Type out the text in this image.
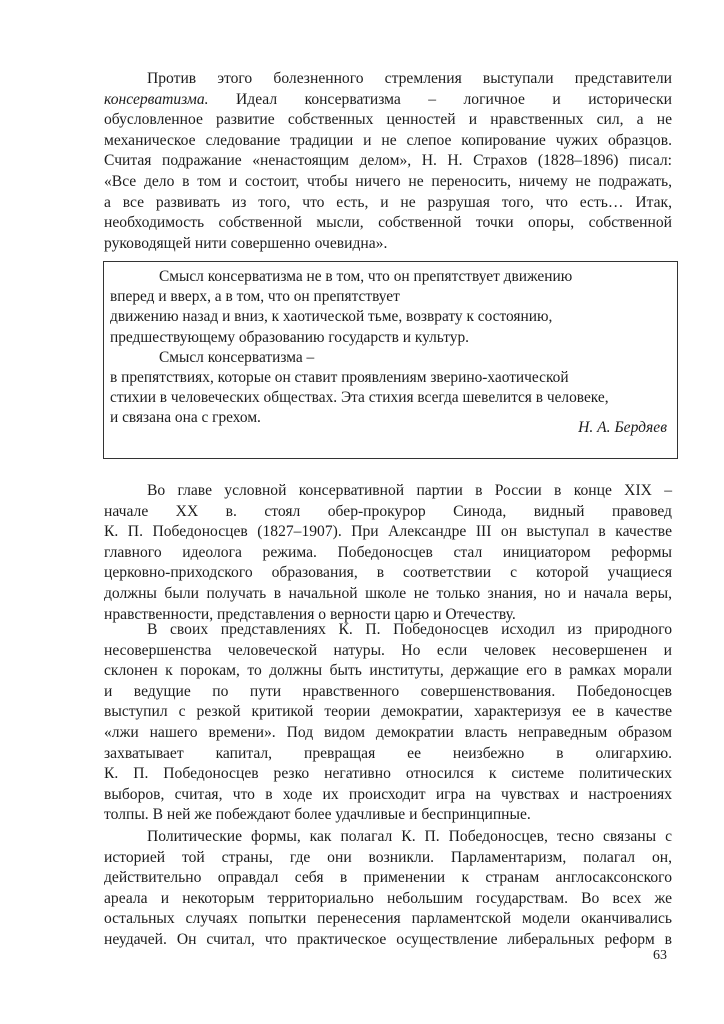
Против этого болезненного стремления выступали представители
консерватизма. Идеал консерватизма – логичное и исторически
обусловленное развитие собственных ценностей и нравственных сил, а не
механическое следование традиции и не слепое копирование чужих образцов.
Считая подражание «ненастоящим делом», Н. Н. Страхов (1828–1896) писал:
«Все дело в том и состоит, чтобы ничего не переносить, ничему не подражать,
а все развивать из того, что есть, и не разрушая того, что есть… Итак,
необходимость собственной мысли, собственной точки опоры, собственной
руководящей нити совершенно очевидна».
Смысл консерватизма не в том, что он препятствует движению
вперед и вверх, а в том, что он препятствует
движению назад и вниз, к хаотической тьме, возврату к состоянию,
предшествующему образованию государств и культур.
Смысл консерватизма –
в препятствиях, которые он ставит проявлениям зверино-хаотической
стихии в человеческих обществах. Эта стихия всегда шевелится в человеке,
и связана она с грехом.
Н. А. Бердяев
Во главе условной консервативной партии в России в конце XIX –
начале XX в. стоял обер-прокурор Синода, видный правовед
К. П. Победоносцев (1827–1907). При Александре III он выступал в качестве
главного идеолога режима. Победоносцев стал инициатором реформы
церковно-приходского образования, в соответствии с которой учащиеся
должны были получать в начальной школе не только знания, но и начала веры,
нравственности, представления о верности царю и Отечеству.
В своих представлениях К. П. Победоносцев исходил из природного
несовершенства человеческой натуры. Но если человек несовершенен и
склонен к порокам, то должны быть институты, держащие его в рамках морали
и ведущие по пути нравственного совершенствования. Победоносцев
выступил с резкой критикой теории демократии, характеризуя ее в качестве
«лжи нашего времени». Под видом демократии власть неправедным образом
захватывает капитал, превращая ее неизбежно в олигархию.
К. П. Победоносцев резко негативно относился к системе политических
выборов, считая, что в ходе их происходит игра на чувствах и настроениях
толпы. В ней же побеждают более удачливые и беспринципные.
Политические формы, как полагал К. П. Победоносцев, тесно связаны с
историей той страны, где они возникли. Парламентаризм, полагал он,
действительно оправдал себя в применении к странам англосаксонского
ареала и некоторым территориально небольшим государствам. Во всех же
остальных случаях попытки перенесения парламентской модели оканчивались
неудачей. Он считал, что практическое осуществление либеральных реформ в
63
